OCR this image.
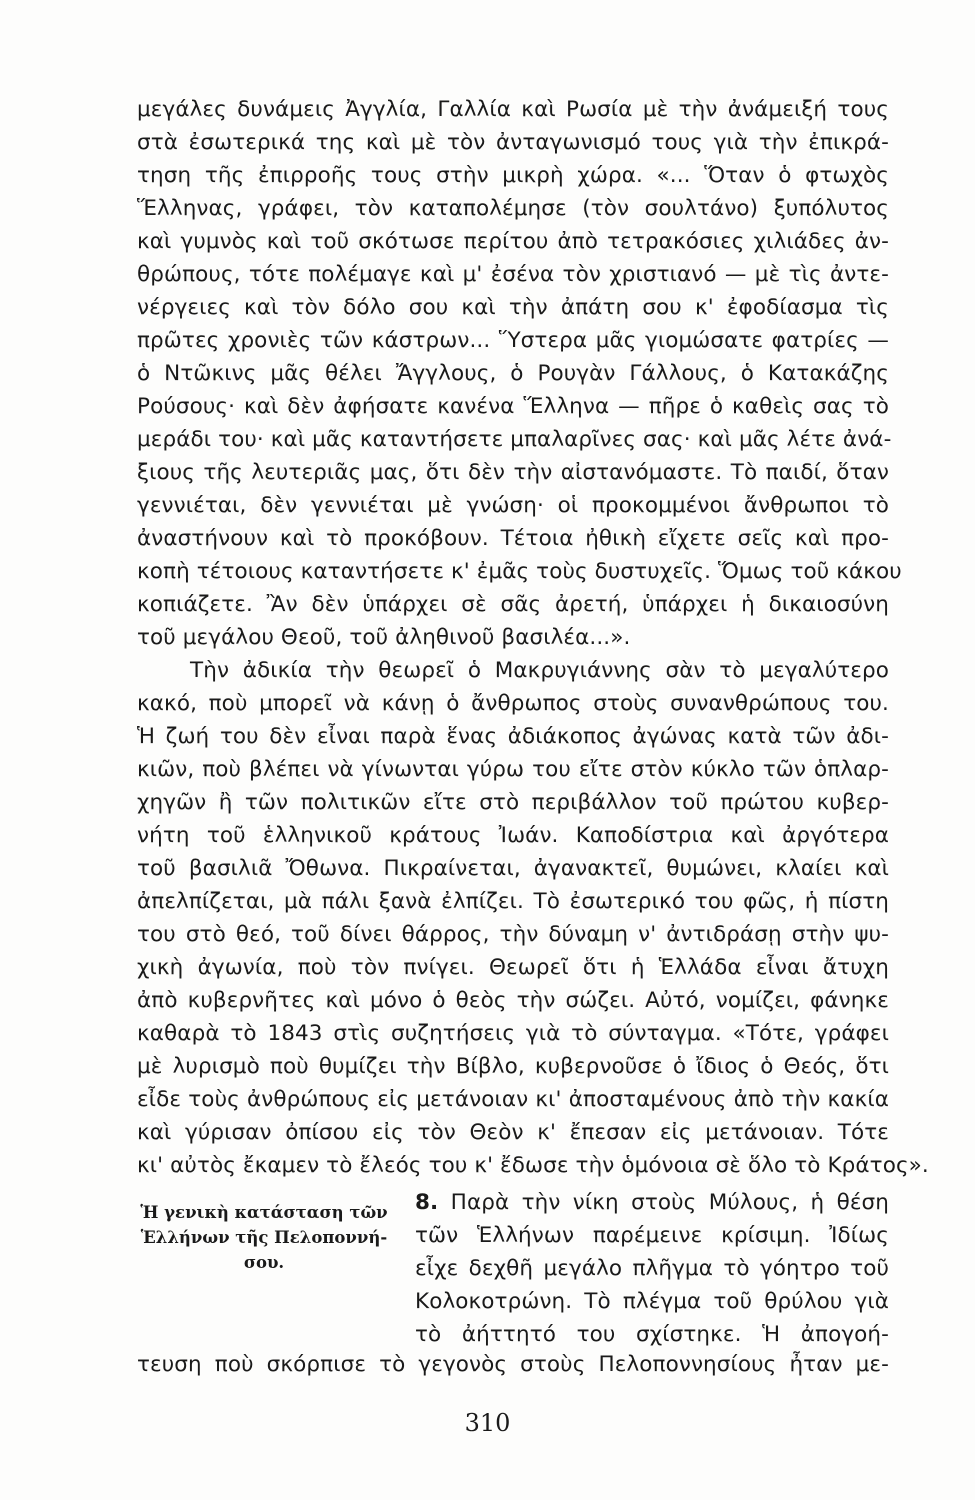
μεγάλες δυνάμεις Ἀγγλία, Γαλλία καὶ Ρωσία μὲ τὴν ἀνάμειξή τους
στὰ ἐσωτερικά της καὶ μὲ τὸν ἀνταγωνισμό τους γιὰ τὴν ἐπικρά-
τηση τῆς ἐπιρροῆς τους στὴν μικρὴ χώρα. «... Ὅταν ὁ φτωχὸς
Ἕλληνας, γράφει, τὸν καταπολέμησε (τὸν σουλτάνο) ξυπόλυτος
καὶ γυμνὸς καὶ τοῦ σκότωσε περίτου ἀπὸ τετρακόσιες χιλιάδες ἀν-
θρώπους, τότε πολέμαγε καὶ μ' ἐσένα τὸν χριστιανό — μὲ τὶς ἀντε-
νέργειες καὶ τὸν δόλο σου καὶ τὴν ἀπάτη σου κ' ἐφοδίασμα τὶς
πρῶτες χρονιὲς τῶν κάστρων... Ὕστερα μᾶς γιομώσατε φατρίες —
ὁ Ντῶκινς μᾶς θέλει Ἄγγλους, ὁ Ρουγὰν Γάλλους, ὁ Κατακάζης
Ρούσους· καὶ δὲν ἀφήσατε κανένα Ἕλληνα — πῆρε ὁ καθεὶς σας τὸ
μεράδι του· καὶ μᾶς καταντήσετε μπαλαρῖνες σας· καὶ μᾶς λέτε ἀνά-
ξιους τῆς λευτεριᾶς μας, ὅτι δὲν τὴν αἰστανόμαστε. Τὸ παιδί, ὅταν
γεννιέται, δὲν γεννιέται μὲ γνώση· οἱ προκομμένοι ἄνθρωποι τὸ
ἀναστήνουν καὶ τὸ προκόβουν. Τέτοια ἠθικὴ εἴχετε σεῖς καὶ προ-
κοπὴ τέτοιους καταντήσετε κ' ἐμᾶς τοὺς δυστυχεῖς. Ὅμως τοῦ κάκου
κοπιάζετε. Ἂν δὲν ὑπάρχει σὲ σᾶς ἀρετή, ὑπάρχει ἡ δικαιοσύνη
τοῦ μεγάλου Θεοῦ, τοῦ ἀληθινοῦ βασιλέα...».
Τὴν ἀδικία τὴν θεωρεῖ ὁ Μακρυγιάννης σὰν τὸ μεγαλύτερο
κακό, ποὺ μπορεῖ νὰ κάνῃ ὁ ἄνθρωπος στοὺς συνανθρώπους του.
Ἡ ζωή του δὲν εἶναι παρὰ ἕνας ἀδιάκοπος ἀγώνας κατὰ τῶν ἀδι-
κιῶν, ποὺ βλέπει νὰ γίνωνται γύρω του εἴτε στὸν κύκλο τῶν ὁπλαρ-
χηγῶν ἢ τῶν πολιτικῶν εἴτε στὸ περιβάλλον τοῦ πρώτου κυβερ-
νήτη τοῦ ἑλληνικοῦ κράτους Ἰωάν. Καποδίστρια καὶ ἀργότερα
τοῦ βασιλιᾶ Ὄθωνα. Πικραίνεται, ἀγανακτεῖ, θυμώνει, κλαίει καὶ
ἀπελπίζεται, μὰ πάλι ξανὰ ἐλπίζει. Τὸ ἐσωτερικό του φῶς, ἡ πίστη
του στὸ θεό, τοῦ δίνει θάρρος, τὴν δύναμη ν' ἀντιδράσῃ στὴν ψυ-
χικὴ ἀγωνία, ποὺ τὸν πνίγει. Θεωρεῖ ὅτι ἡ Ἑλλάδα εἶναι ἄτυχη
ἀπὸ κυβερνῆτες καὶ μόνο ὁ θεὸς τὴν σώζει. Αὐτό, νομίζει, φάνηκε
καθαρὰ τὸ 1843 στὶς συζητήσεις γιὰ τὸ σύνταγμα. «Τότε, γράφει
μὲ λυρισμὸ ποὺ θυμίζει τὴν Βίβλο, κυβερνοῦσε ὁ ἴδιος ὁ Θεός, ὅτι
εἶδε τοὺς ἀνθρώπους εἰς μετάνοιαν κι' ἀποσταμένους ἀπὸ τὴν κακία
καὶ γύρισαν ὀπίσου εἰς τὸν Θεὸν κ' ἔπεσαν εἰς μετάνοιαν. Τότε
κι' αὐτὸς ἔκαμεν τὸ ἔλεός του κ' ἔδωσε τὴν ὁμόνοια σὲ ὅλο τὸ Κράτος».
Ἡ γενικὴ κατάσταση τῶν
Ἑλλήνων τῆς Πελοποννή-
σου.
8. Παρὰ τὴν νίκη στοὺς Μύλους, ἡ θέση
τῶν Ἑλλήνων παρέμεινε κρίσιμη. Ἰδίως
εἶχε δεχθῆ μεγάλο πλῆγμα τὸ γόητρο τοῦ
Κολοκοτρώνη. Τὸ πλέγμα τοῦ θρύλου γιὰ
τὸ ἀήττητό του σχίστηκε. Ἡ ἀπογοή-
τευση ποὺ σκόρπισε τὸ γεγονὸς στοὺς Πελοποννησίους ἦταν με-
310
